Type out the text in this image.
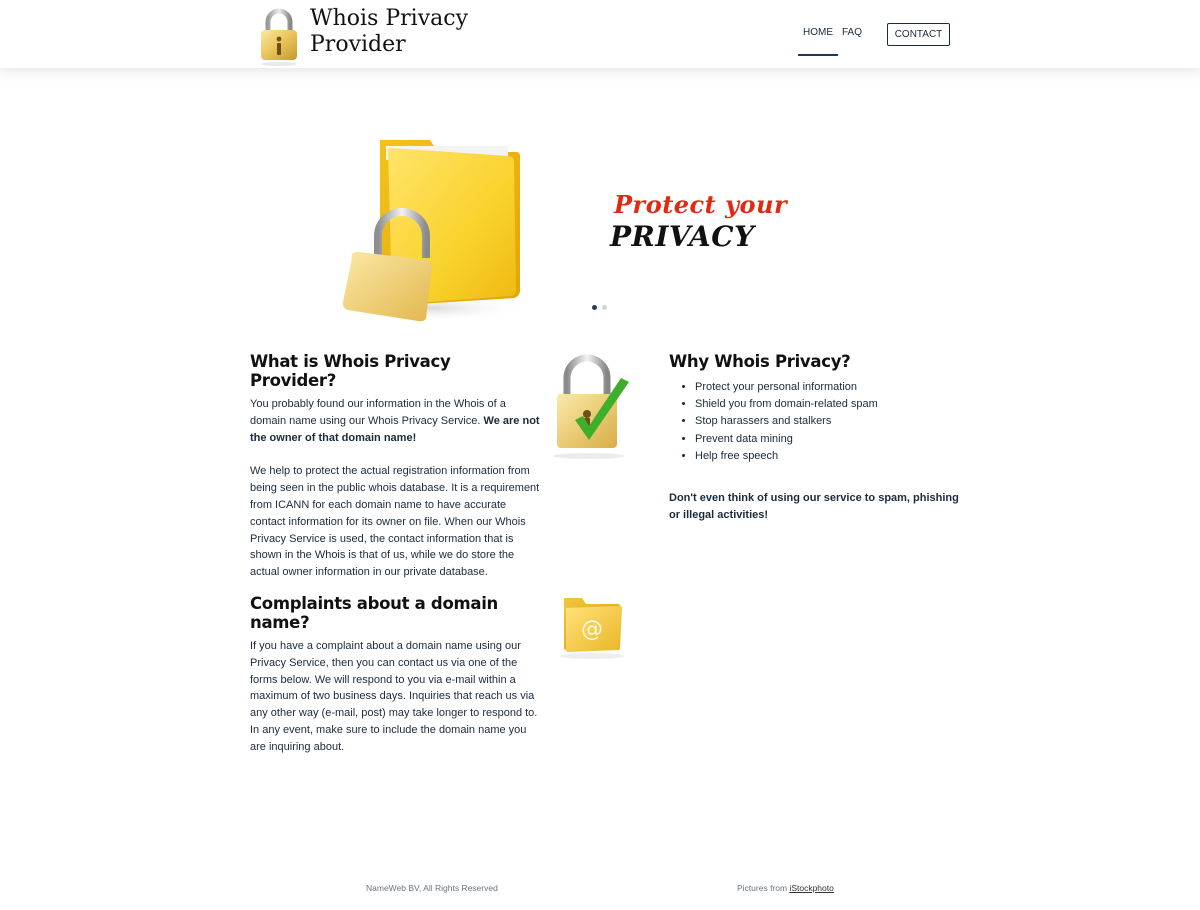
Whois Privacy
Provider	HOME FAQ	CONTACT
Protect your
PRIVACY
What is Whois Privacy Provider?

You probably found our information in the Whois of a domain name using our Whois Privacy Service. We are not the owner of that domain name!

We help to protect the actual registration information from being seen in the public whois database. It is a requirement from ICANN for each domain name to have accurate contact information for its owner on file. When our Whois Privacy Service is used, the contact information that is shown in the Whois is that of us, while we do store the actual owner information in our private database.

Why Whois Privacy?
• Protect your personal information
• Shield you from domain-related spam
• Stop harassers and stalkers
• Prevent data mining
• Help free speech
Don't even think of using our service to spam, phishing or illegal activities!
Complaints about a domain name?

If you have a complaint about a domain name using our Privacy Service, then you can contact us via one of the forms below. We will respond to you via e-mail within a maximum of two business days. Inquiries that reach us via any other way (e-mail, post) may take longer to respond to. In any event, make sure to include the domain name you are inquiring about.

@
NameWeb BV, All Rights Reserved	Pictures from iStockphoto
